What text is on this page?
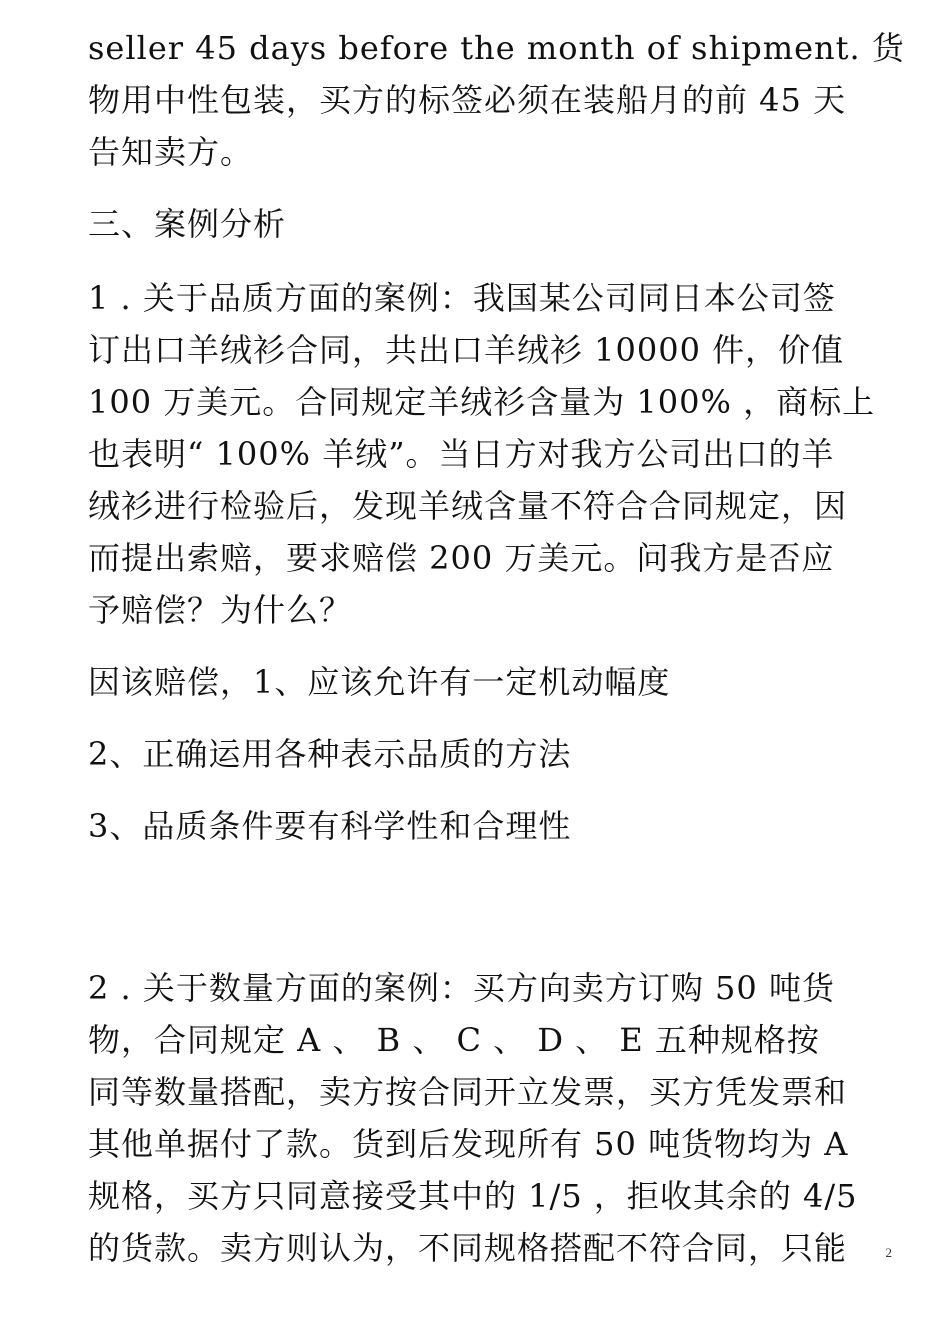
seller 45 days before the month of shipment. 货
物用中性包装，买方的标签必须在装船月的前 45 天
告知卖方。

三、案例分析

1 . 关于品质方面的案例：我国某公司同日本公司签
订出口羊绒衫合同，共出口羊绒衫 10000 件，价值
100 万美元。合同规定羊绒衫含量为 100% ，商标上
也表明“ 100% 羊绒”。当日方对我方公司出口的羊
绒衫进行检验后，发现羊绒含量不符合合同规定，因
而提出索赔，要求赔偿 200 万美元。问我方是否应
予赔偿？为什么？

因该赔偿，1、应该允许有一定机动幅度

2、正确运用各种表示品质的方法

3、品质条件要有科学性和合理性

2 . 关于数量方面的案例：买方向卖方订购 50 吨货
物，合同规定 A 、 B 、 C 、 D 、 E 五种规格按
同等数量搭配，卖方按合同开立发票，买方凭发票和
其他单据付了款。货到后发现所有 50 吨货物均为 A
规格，买方只同意接受其中的 1/5 ，拒收其余的 4/5
的货款。卖方则认为，不同规格搭配不符合同，只能	2
